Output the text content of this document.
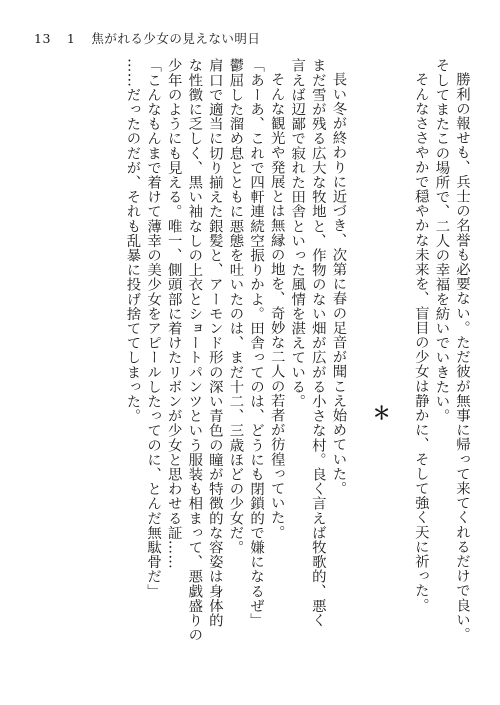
13 1 焦がれる少女の見えない明日
勝利の報せも、兵士の名誉も必要ない。ただ彼が無事に帰って来てくれるだけで良い。
そしてまたこの場所で、二人の幸福を紡いでいきたい。
そんなささやかで穏やかな未来を、盲目の少女は静かに、そして強く天に祈った。
＊
長い冬が終わりに近づき、次第に春の足音が聞こえ始めていた。
まだ雪が残る広大な牧地と、作物のない畑が広がる小さな村。良く言えば牧歌的、悪く
言えば辺鄙で寂れた田舎といった風情を湛えている。
そんな観光や発展とは無縁の地を、奇妙な二人の若者が彷徨っていた。
「あーあ、これで四軒連続空振りかよ。田舎ってのは、どうにも閉鎖的で嫌になるぜ」
鬱屈した溜め息とともに悪態を吐いたのは、まだ十二、三歳ほどの少女だ。
肩口で適当に切り揃えた銀髪と、アーモンド形の深い青色の瞳が特徴的な容姿は身体的
な性徴に乏しく、黒い袖なしの上衣とショートパンツという服装も相まって、悪戯盛りの
少年のようにも見える。唯一、側頭部に着けたリボンが少女と思わせる証……
「こんなもんまで着けて薄幸の美少女をアピールしたってのに、とんだ無駄骨だ」
……だったのだが、それも乱暴に投げ捨ててしまった。
